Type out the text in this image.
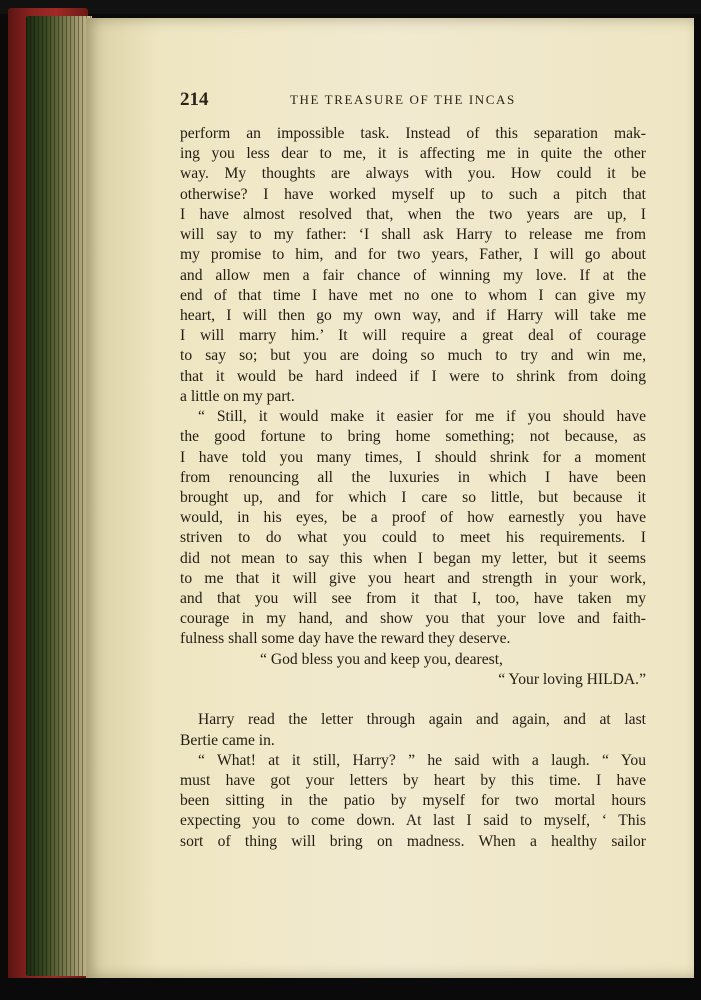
214	THE TREASURE OF THE INCAS
perform an impossible task. Instead of this separation mak-
ing you less dear to me, it is affecting me in quite the other
way. My thoughts are always with you. How could it be
otherwise? I have worked myself up to such a pitch that
I have almost resolved that, when the two years are up, I
will say to my father: ‘I shall ask Harry to release me from
my promise to him, and for two years, Father, I will go about
and allow men a fair chance of winning my love. If at the
end of that time I have met no one to whom I can give my
heart, I will then go my own way, and if Harry will take me
I will marry him.’ It will require a great deal of courage
to say so; but you are doing so much to try and win me,
that it would be hard indeed if I were to shrink from doing
a little on my part.
“ Still, it would make it easier for me if you should have
the good fortune to bring home something; not because, as
I have told you many times, I should shrink for a moment
from renouncing all the luxuries in which I have been
brought up, and for which I care so little, but because it
would, in his eyes, be a proof of how earnestly you have
striven to do what you could to meet his requirements. I
did not mean to say this when I began my letter, but it seems
to me that it will give you heart and strength in your work,
and that you will see from it that I, too, have taken my
courage in my hand, and show you that your love and faith-
fulness shall some day have the reward they deserve.
“ God bless you and keep you, dearest,
“ Your loving HILDA.”
Harry read the letter through again and again, and at last
Bertie came in.
“ What! at it still, Harry? ” he said with a laugh. “ You
must have got your letters by heart by this time. I have
been sitting in the patio by myself for two mortal hours
expecting you to come down. At last I said to myself, ‘ This
sort of thing will bring on madness. When a healthy sailor
